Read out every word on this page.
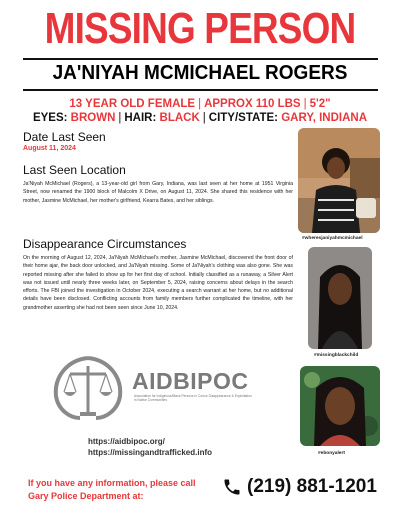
MISSING PERSON
JA'NIYAH MCMICHAEL ROGERS
13 YEAR OLD FEMALE | APPROX 110 LBS | 5'2"
EYES: BROWN | HAIR: BLACK | CITY/STATE: GARY, INDIANA
Date Last Seen
August 11, 2024
Last Seen Location
Ja'Niyah McMichael (Rogers), a 13-year-old girl from Gary, Indiana, was last seen at her home at 1951 Virginia Street, now renamed the 1900 block of Malcolm X Drive, on August 11, 2024. She shared this residence with her mother, Jasmine McMichael, her mother's girlfriend, Kearra Bates, and her siblings.
Disappearance Circumstances
On the morning of August 12, 2024, Ja'Niyah McMichael's mother, Jasmine McMichael, discovered the front door of their home ajar, the back door unlocked, and Ja'Niyah missing. Some of Ja'Niyah's clothing was also gone. She was reported missing after she failed to show up for her first day of school. Initially classified as a runaway, a Silver Alert was not issued until nearly three weeks later, on September 5, 2024, raising concerns about delays in the search efforts. The FBI joined the investigation in October 2024, executing a search warrant at her home, but no additional details have been disclosed. Conflicting accounts from family members further complicated the timeline, with her grandmother asserting she had not been seen since June 10, 2024.
#wheresjaniyahmcmichael
#missingblackchild
#ebonyalert
AIDBIPOC
Association for Indiginous/Black Persons in Colour Disappearance & Exploitation in Native Communities
https://aidbipoc.org/
https://missingandtrafficked.info
If you have any information, please call
Gary Police Department at:	(219) 881-1201
